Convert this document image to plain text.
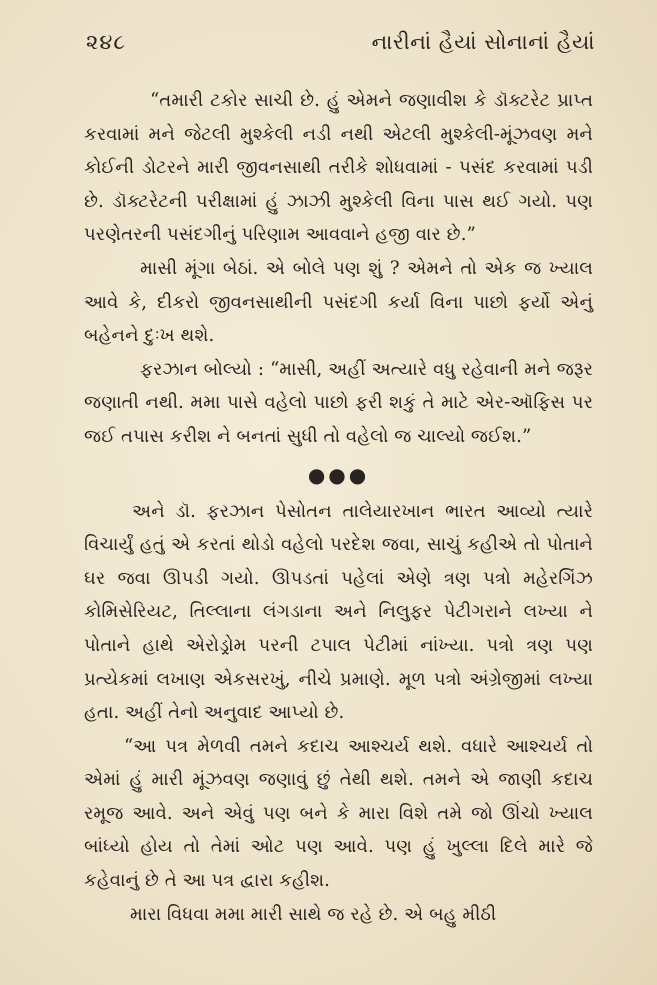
૨૪૮	નારીનાં હૈયાં સોનાનાં હૈયાં

“તમારી ટકોર સાચી છે. હું એમને જણાવીશ કે ડૉક્ટરેટ પ્રાપ્ત કરવામાં મને જેટલી મુશ્કેલી નડી નથી એટલી મુશ્કેલી-મૂંઝવણ મને કોઈની ડોટરને મારી જીવનસાથી તરીકે શોધવામાં - પસંદ કરવામાં પડી છે. ડૉક્ટરેટની પરીક્ષામાં હું ઝાઝી મુશ્કેલી વિના પાસ થઈ ગયો. પણ પરણેતરની પસંદગીનું પરિણામ આવવાને હજી વાર છે.”

માસી મૂંગા બેઠાં. એ બોલે પણ શું ? એમને તો એક જ ખ્યાલ આવે કે, દીકરો જીવનસાથીની પસંદગી કર્યા વિના પાછો ફર્યો એનું બહેનને દુઃખ થશે.

ફરઝાન બોલ્યો : “માસી, અહીં અત્યારે વધુ રહેવાની મને જરૂર જણાતી નથી. મમા પાસે વહેલો પાછો ફરી શકું તે માટે એર-ઑફિસ પર જઈ તપાસ કરીશ ને બનતાં સુધી તો વહેલો જ ચાલ્યો જઈશ.”

●●●

અને ડૉ. ફરઝાન પેસોતન તાલેયારખાન ભારત આવ્યો ત્યારે વિચાર્યું હતું એ કરતાં થોડો વહેલો પરદેશ જવા, સાચું કહીએ તો પોતાને ઘર જવા ઊપડી ગયો. ઊપડતાં પહેલાં એણે ત્રણ પત્રો મહેરગિંઝ કોમિસેરિયટ, તિલ્લાના લંગડાના અને નિલુફર પેટીગરાને લખ્યા ને પોતાને હાથે એરોડ્રોમ પરની ટપાલ પેટીમાં નાંખ્યા. પત્રો ત્રણ પણ પ્રત્યેકમાં લખાણ એકસરખું, નીચે પ્રમાણે. મૂળ પત્રો અંગ્રેજીમાં લખ્યા હતા. અહીં તેનો અનુવાદ આપ્યો છે.

“આ પત્ર મેળવી તમને કદાચ આશ્ચર્ય થશે. વધારે આશ્ચર્ય તો એમાં હું મારી મૂંઝવણ જણાવું છું તેથી થશે. તમને એ જાણી કદાચ રમૂજ આવે. અને એવું પણ બને કે મારા વિશે તમે જો ઊંચો ખ્યાલ બાંધ્યો હોય તો તેમાં ઓટ પણ આવે. પણ હું ખુલ્લા દિલે મારે જે કહેવાનું છે તે આ પત્ર દ્વારા કહીશ.

મારા વિધવા મમા મારી સાથે જ રહે છે. એ બહુ મીઠી
